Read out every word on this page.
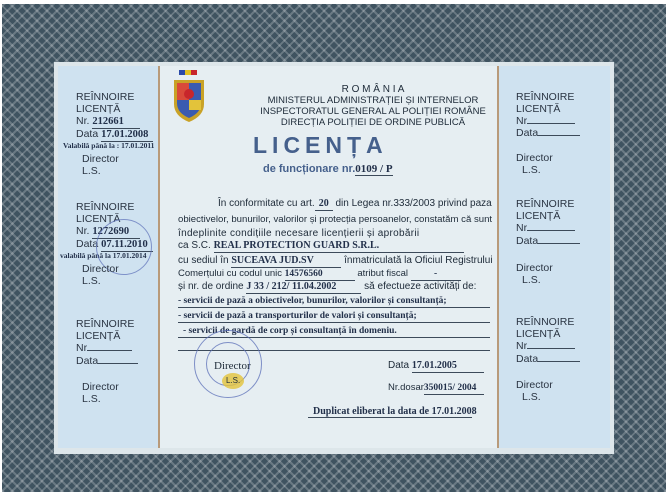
R O M Â N I A
MINISTERUL ADMINISTRAȚIEI ȘI INTERNELOR
INSPECTORATUL GENERAL AL POLIȚIEI ROMÂNE
DIRECȚIA POLIȚIEI DE ORDINE PUBLICĂ
LICENȚA
de funcționare nr.0109 / P
În conformitate cu art. 20 din Legea nr.333/2003 privind paza
obiectivelor, bunurilor, valorilor și protecția persoanelor, constatăm că sunt
îndeplinite condițiile necesare licențierii și aprobării
ca S.C. REAL PROTECTION GUARD S.R.L.
cu sediul în SUCEAVA JUD.SV	înmatriculată la Oficiul Registrului
Comerțului cu codul unic 14576560	atribut fiscal	-
și nr. de ordine J 33 / 212/ 11.04.2002	să efectueze activități de:
- servicii de pază a obiectivelor, bunurilor, valorilor și consultanță;
- servicii de pază a transporturilor de valori și consultanță;
- servicii de gardă de corp și consultanță în domeniu.
Director
L.S.
Data 17.01.2005
Nr.dosar350015/ 2004
Duplicat eliberat la data de 17.01.2008
REÎNNOIRE
LICENȚĂ
Nr. 212661
Data 17.01.2008
Valabilă până la : 17.01.2011
Director
L.S.
REÎNNOIRE
LICENȚĂ
Nr. 1272690
Data 07.11.2010
valabilă până la 17.01.2014
Director
L.S.
REÎNNOIRE
LICENȚĂ
Nr
Data
Director
L.S.
REÎNNOIRE
LICENȚĂ
Nr
Data
Director
L.S.
REÎNNOIRE
LICENȚĂ
Nr
Data
Director
L.S.
REÎNNOIRE
LICENȚĂ
Nr
Data
Director
L.S.
